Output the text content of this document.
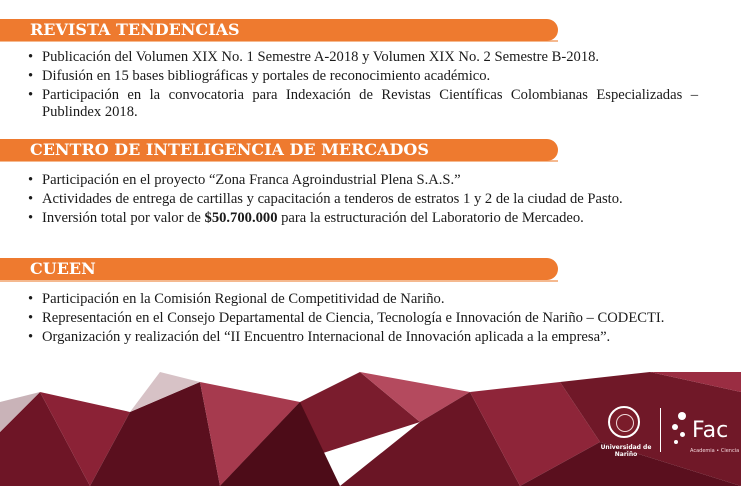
REVISTA TENDENCIAS
• Publicación del Volumen XIX No. 1 Semestre A-2018 y Volumen XIX No. 2 Semestre B-2018.
• Difusión en 15 bases bibliográficas y portales de reconocimiento académico.
• Participación en la convocatoria para Indexación de Revistas Científicas Colombianas Especializadas – Publindex 2018.
CENTRO DE INTELIGENCIA DE MERCADOS
• Participación en el proyecto “Zona Franca Agroindustrial Plena S.A.S.”
• Actividades de entrega de cartillas y capacitación a tenderos de estratos 1 y 2 de la ciudad de Pasto.
• Inversión total por valor de $50.700.000 para la estructuración del Laboratorio de Mercadeo.
CUEEN
• Participación en la Comisión Regional de Competitividad de Nariño.
• Representación en el Consejo Departamental de Ciencia, Tecnología e Innovación de Nariño – CODECTI.
• Organización y realización del “II Encuentro Internacional de Innovación aplicada a la empresa”.
Universidad de Nariño
Fac
Academia • Ciencia
